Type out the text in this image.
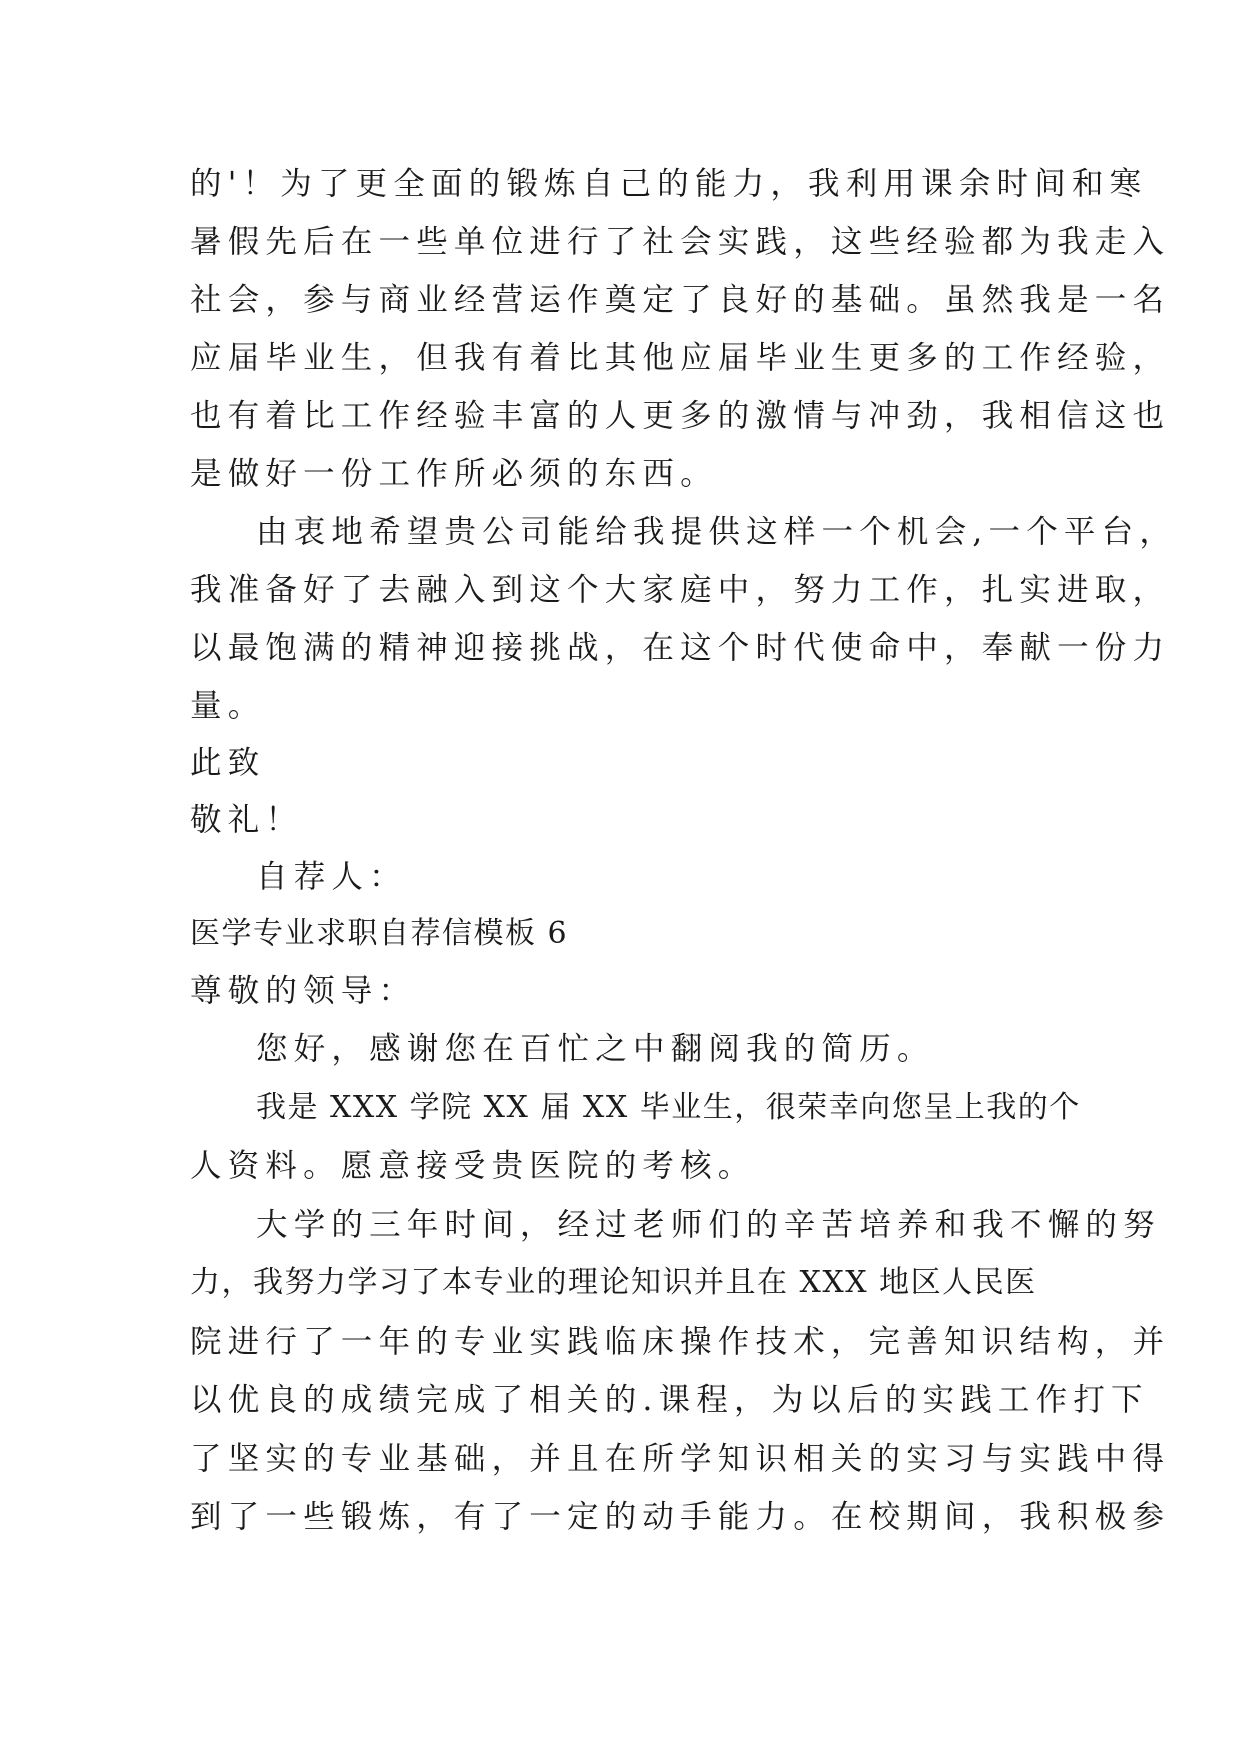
的'！为了更全面的锻炼自己的能力，我利用课余时间和寒
暑假先后在一些单位进行了社会实践，这些经验都为我走入
社会，参与商业经营运作奠定了良好的基础。虽然我是一名
应届毕业生，但我有着比其他应届毕业生更多的工作经验，
也有着比工作经验丰富的人更多的激情与冲劲，我相信这也
是做好一份工作所必须的东西。
由衷地希望贵公司能给我提供这样一个机会,一个平台，
我准备好了去融入到这个大家庭中，努力工作，扎实进取，
以最饱满的精神迎接挑战，在这个时代使命中，奉献一份力
量。
此致
敬礼！
自荐人：
医学专业求职自荐信模板 6
尊敬的领导：
您好，感谢您在百忙之中翻阅我的简历。
我是 XXX 学院 XX 届 XX 毕业生，很荣幸向您呈上我的个
人资料。愿意接受贵医院的考核。
大学的三年时间，经过老师们的辛苦培养和我不懈的努
力，我努力学习了本专业的理论知识并且在 XXX 地区人民医
院进行了一年的专业实践临床操作技术，完善知识结构，并
以优良的成绩完成了相关的.课程，为以后的实践工作打下
了坚实的专业基础，并且在所学知识相关的实习与实践中得
到了一些锻炼，有了一定的动手能力。在校期间，我积极参
